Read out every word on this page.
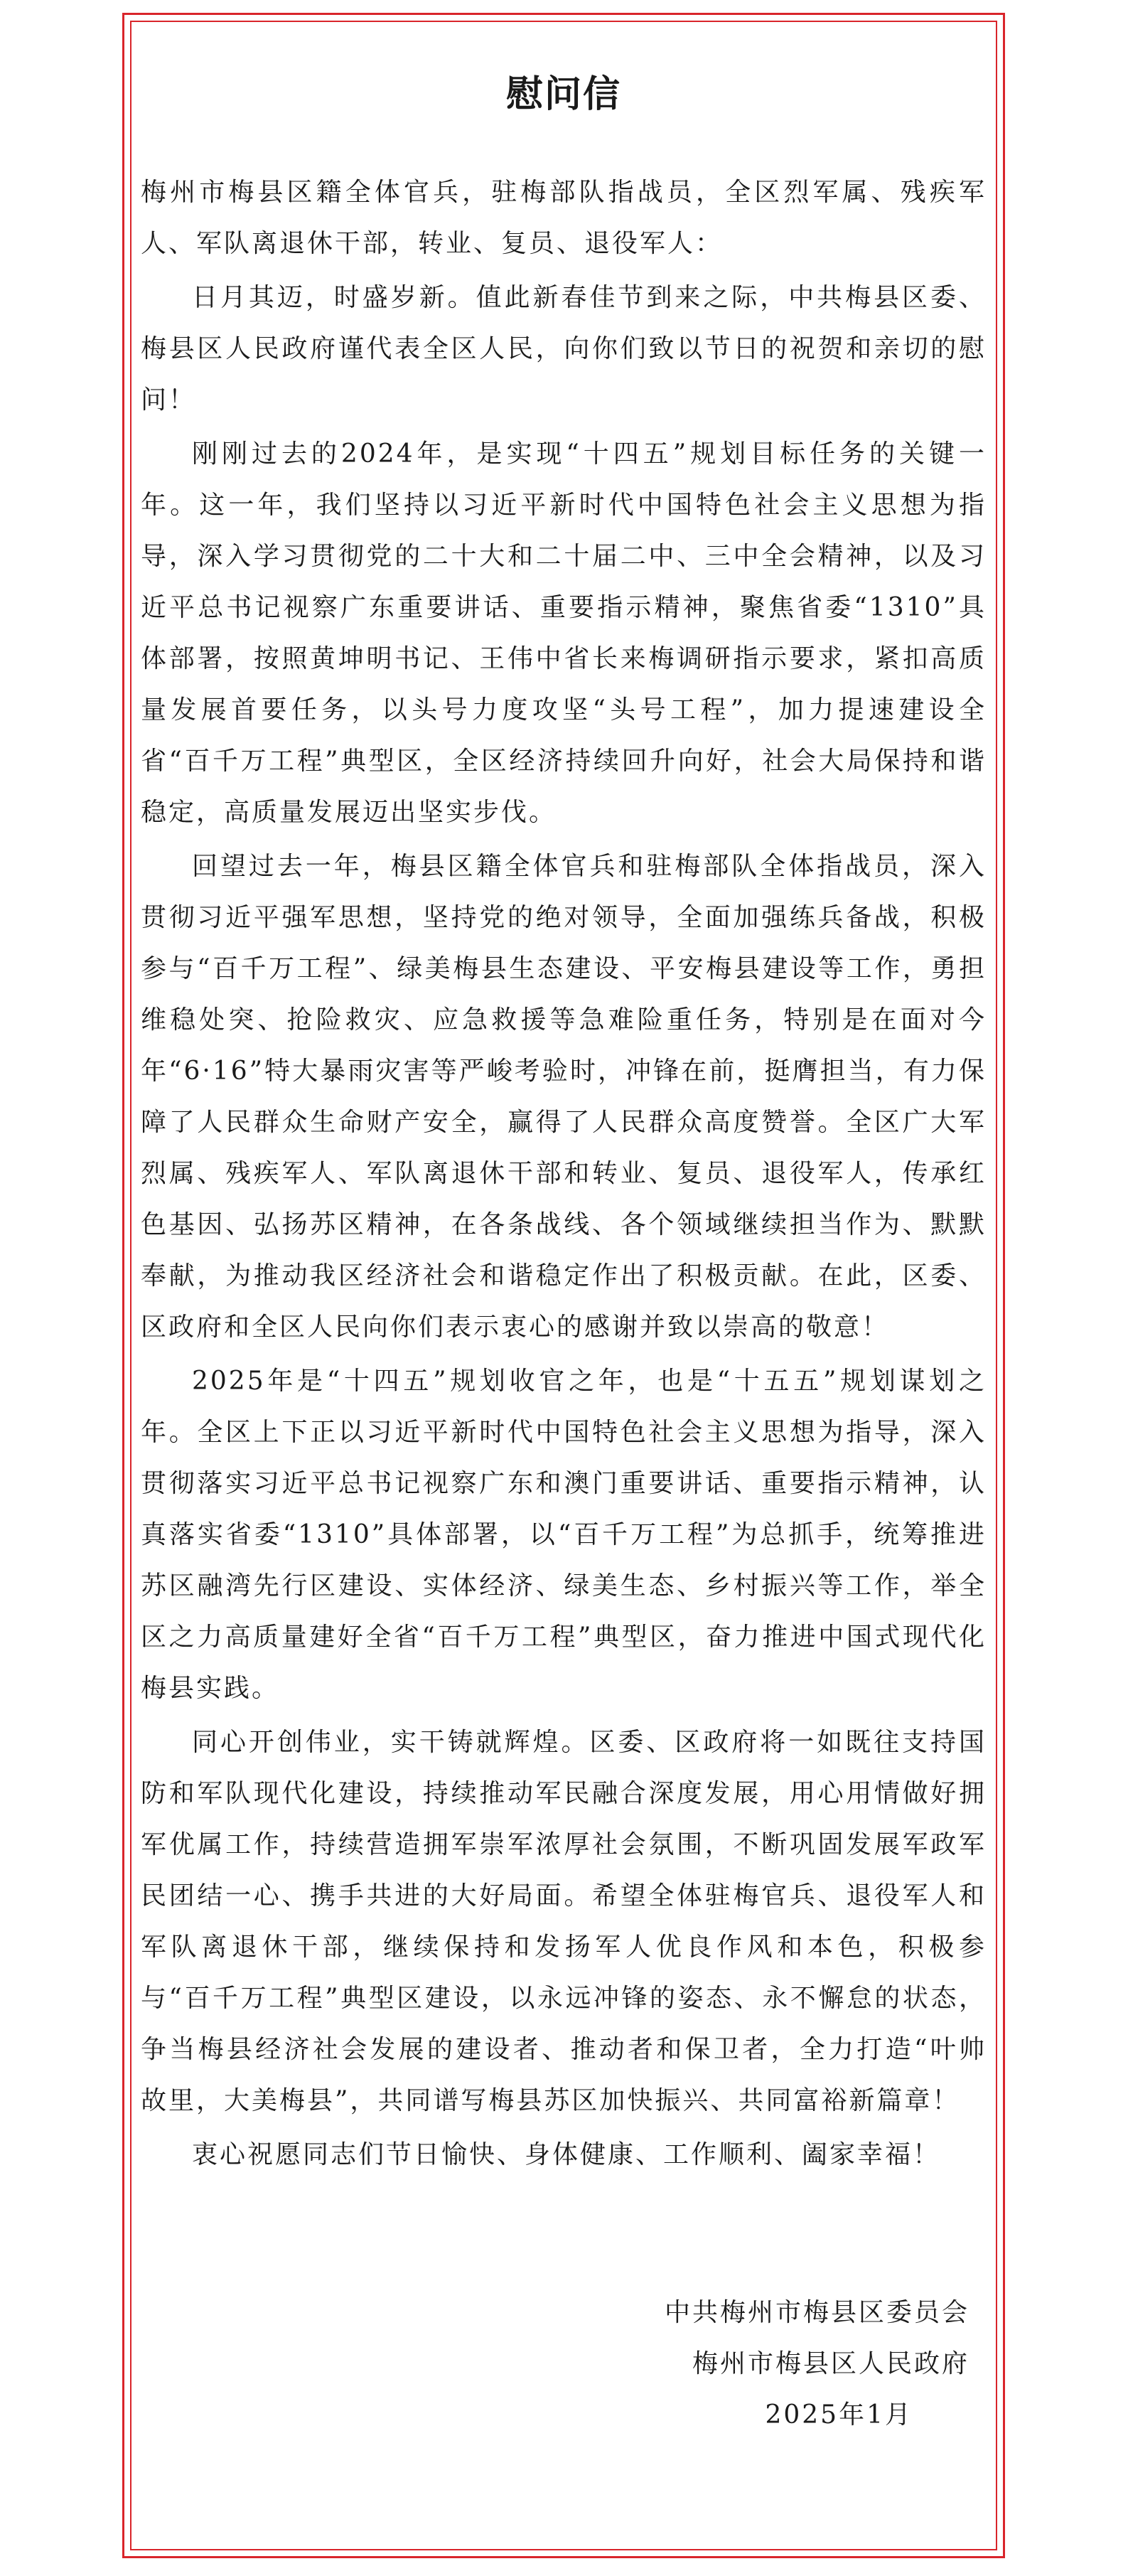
慰问信

梅州市梅县区籍全体官兵，驻梅部队指战员，全区烈军属、残疾军人、军队离退休干部，转业、复员、退役军人：

日月其迈，时盛岁新。值此新春佳节到来之际，中共梅县区委、梅县区人民政府谨代表全区人民，向你们致以节日的祝贺和亲切的慰问！

刚刚过去的2024年，是实现“十四五”规划目标任务的关键一年。这一年，我们坚持以习近平新时代中国特色社会主义思想为指导，深入学习贯彻党的二十大和二十届二中、三中全会精神，以及习近平总书记视察广东重要讲话、重要指示精神，聚焦省委“1310”具体部署，按照黄坤明书记、王伟中省长来梅调研指示要求，紧扣高质量发展首要任务，以头号力度攻坚“头号工程”，加力提速建设全省“百千万工程”典型区，全区经济持续回升向好，社会大局保持和谐稳定，高质量发展迈出坚实步伐。

回望过去一年，梅县区籍全体官兵和驻梅部队全体指战员，深入贯彻习近平强军思想，坚持党的绝对领导，全面加强练兵备战，积极参与“百千万工程”、绿美梅县生态建设、平安梅县建设等工作，勇担维稳处突、抢险救灾、应急救援等急难险重任务，特别是在面对今年“6·16”特大暴雨灾害等严峻考验时，冲锋在前，挺膺担当，有力保障了人民群众生命财产安全，赢得了人民群众高度赞誉。全区广大军烈属、残疾军人、军队离退休干部和转业、复员、退役军人，传承红色基因、弘扬苏区精神，在各条战线、各个领域继续担当作为、默默奉献，为推动我区经济社会和谐稳定作出了积极贡献。在此，区委、区政府和全区人民向你们表示衷心的感谢并致以崇高的敬意！

2025年是“十四五”规划收官之年，也是“十五五”规划谋划之年。全区上下正以习近平新时代中国特色社会主义思想为指导，深入贯彻落实习近平总书记视察广东和澳门重要讲话、重要指示精神，认真落实省委“1310”具体部署，以“百千万工程”为总抓手，统筹推进苏区融湾先行区建设、实体经济、绿美生态、乡村振兴等工作，举全区之力高质量建好全省“百千万工程”典型区，奋力推进中国式现代化梅县实践。

同心开创伟业，实干铸就辉煌。区委、区政府将一如既往支持国防和军队现代化建设，持续推动军民融合深度发展，用心用情做好拥军优属工作，持续营造拥军崇军浓厚社会氛围，不断巩固发展军政军民团结一心、携手共进的大好局面。希望全体驻梅官兵、退役军人和军队离退休干部，继续保持和发扬军人优良作风和本色，积极参与“百千万工程”典型区建设，以永远冲锋的姿态、永不懈怠的状态，争当梅县经济社会发展的建设者、推动者和保卫者，全力打造“叶帅故里，大美梅县”，共同谱写梅县苏区加快振兴、共同富裕新篇章！

衷心祝愿同志们节日愉快、身体健康、工作顺利、阖家幸福！

中共梅州市梅县区委员会
梅州市梅县区人民政府
2025年1月
